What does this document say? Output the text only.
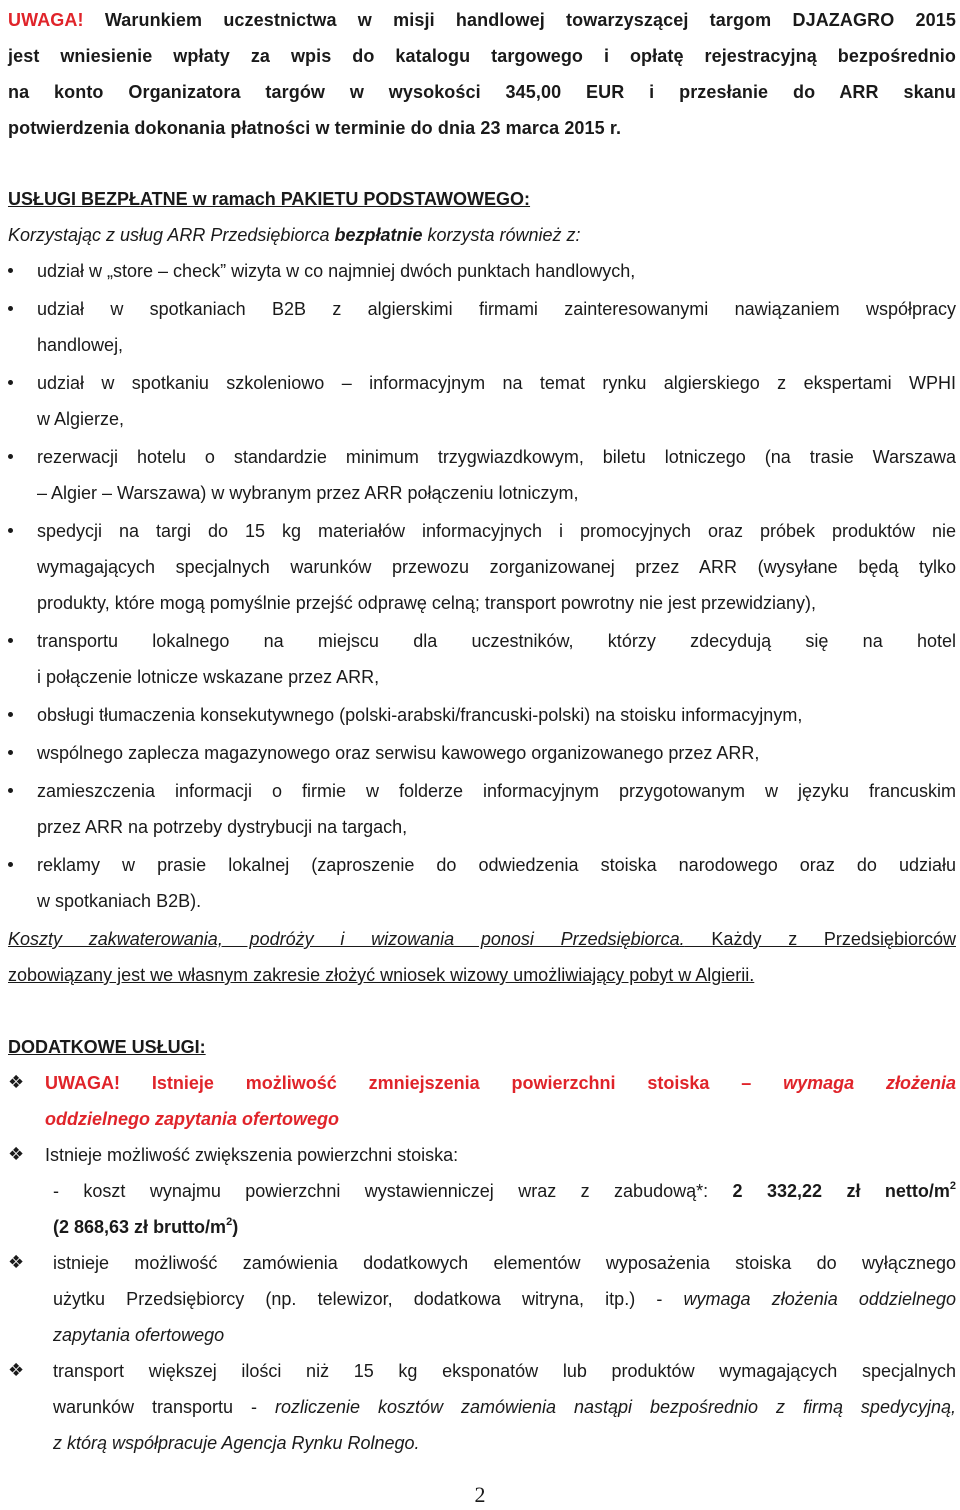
UWAGA! Warunkiem uczestnictwa w misji handlowej towarzyszącej targom DJAZAGRO 2015

jest wniesienie wpłaty za wpis do katalogu targowego i opłatę rejestracyjną bezpośrednio

na konto Organizatora targów w wysokości 345,00 EUR i przesłanie do ARR skanu

potwierdzenia dokonania płatności w terminie do dnia 23 marca 2015 r.

USŁUGI BEZPŁATNE w ramach PAKIETU PODSTAWOWEGO:

Korzystając z usług ARR Przedsiębiorca bezpłatnie korzysta również z:

udział w „store – check” wizyta w co najmniej dwóch punktach handlowych,

udział w spotkaniach B2B z algierskimi firmami zainteresowanymi nawiązaniem współpracy

handlowej,

udział w spotkaniu szkoleniowo – informacyjnym na temat rynku algierskiego z ekspertami WPHI

w Algierze,

rezerwacji hotelu o standardzie minimum trzygwiazdkowym, biletu lotniczego (na trasie Warszawa

– Algier – Warszawa) w wybranym przez ARR połączeniu lotniczym,

spedycji na targi do 15 kg materiałów informacyjnych i promocyjnych oraz próbek produktów nie

wymagających specjalnych warunków przewozu zorganizowanej przez ARR (wysyłane będą tylko

produkty, które mogą pomyślnie przejść odprawę celną; transport powrotny nie jest przewidziany),

transportu lokalnego na miejscu dla uczestników, którzy zdecydują się na hotel

i połączenie lotnicze wskazane przez ARR,

obsługi tłumaczenia konsekutywnego (polski-arabski/francuski-polski) na stoisku informacyjnym,

wspólnego zaplecza magazynowego oraz serwisu kawowego organizowanego przez ARR,

zamieszczenia informacji o firmie w folderze informacyjnym przygotowanym w języku francuskim

przez ARR na potrzeby dystrybucji na targach,

reklamy w prasie lokalnej (zaproszenie do odwiedzenia stoiska narodowego oraz do udziału

w spotkaniach B2B).

Koszty zakwaterowania, podróży i wizowania ponosi Przedsiębiorca. Każdy z Przedsiębiorców

zobowiązany jest we własnym zakresie złożyć wniosek wizowy umożliwiający pobyt w Algierii.

DODATKOWE USŁUGI:

❖ UWAGA! Istnieje możliwość zmniejszenia powierzchni stoiska – wymaga złożenia

oddzielnego zapytania ofertowego

❖ Istnieje możliwość zwiększenia powierzchni stoiska:

- koszt wynajmu powierzchni wystawienniczej wraz z zabudową*: 2 332,22 zł netto/$m^2$

(2 868,63 zł brutto/$m^2$)

❖ istnieje możliwość zamówienia dodatkowych elementów wyposażenia stoiska do wyłącznego

użytku Przedsiębiorcy (np. telewizor, dodatkowa witryna, itp.) - wymaga złożenia oddzielnego

zapytania ofertowego

❖ transport większej ilości niż 15 kg eksponatów lub produktów wymagających specjalnych

warunków transportu - rozliczenie kosztów zamówienia nastąpi bezpośrednio z firmą spedycyjną,

z którą współpracuje Agencja Rynku Rolnego.

2
